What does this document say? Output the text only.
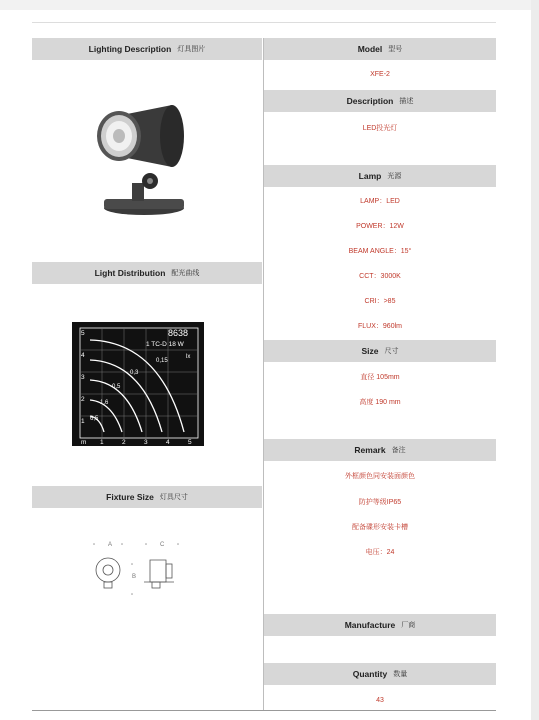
Lighting Description 灯具图片
Light Distribution 配光曲线
8638
1 TC-D 18 W
lx
5
4
3
2
1
m 1	2	3	4	5
0,15
0,3
0,5
1,6
6,5
Fixture Size 灯具尺寸
A
B
C
Model 型号
XFE-2
Description 描述
LED投光灯
Lamp 光源
LAMP：LED
POWER：12W
BEAM ANGLE：15°
CCT：3000K
CRI：>85
FLUX：960lm
Size 尺寸
直径 105mm
高度 190 mm
Remark 备注
外框颜色同安装面颜色
防护等级IP65
配备碟形安装卡槽
电压：24
Manufacture 厂商
Quantity 数量
43
